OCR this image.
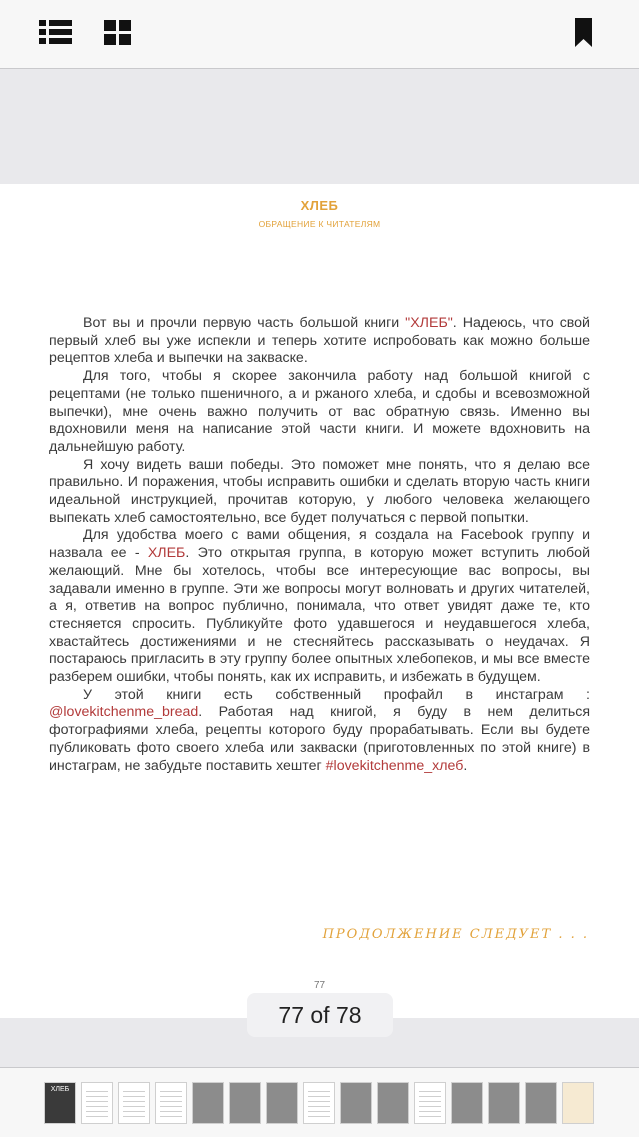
ХЛЕБ
ОБРАЩЕНИЕ К ЧИТАТЕЛЯМ

Вот вы и прочли первую часть большой книги "ХЛЕБ". Надеюсь, что свой первый хлеб вы уже испекли и теперь хотите испробовать как можно больше рецептов хлеба и выпечки на закваске.

Для того, чтобы я скорее закончила работу над большой книгой с рецептами (не только пшеничного, а и ржаного хлеба, и сдобы и всевозможной выпечки), мне очень важно получить от вас обратную связь. Именно вы вдохновили меня на написание этой части книги. И можете вдохновить на дальнейшую работу.

Я хочу видеть ваши победы. Это поможет мне понять, что я делаю все правильно. И поражения, чтобы исправить ошибки и сделать вторую часть книги идеальной инструкцией, прочитав которую, у любого человека желающего выпекать хлеб самостоятельно, все будет получаться с первой попытки.

Для удобства моего с вами общения, я создала на Facebook группу и назвала ее - ХЛЕБ. Это открытая группа, в которую может вступить любой желающий. Мне бы хотелось, чтобы все интересующие вас вопросы, вы задавали именно в группе. Эти же вопросы могут волновать и других читателей, а я, ответив на вопрос публично, понимала, что ответ увидят даже те, кто стесняется спросить. Публикуйте фото удавшегося и неудавшегося хлеба, хвастайтесь достижениями и не стесняйтесь рассказывать о неудачах. Я постараюсь пригласить в эту группу более опытных хлебопеков, и мы все вместе разберем ошибки, чтобы понять, как их исправить, и избежать в будущем.

У этой книги есть собственный профайл в инстаграм : @lovekitchenme_bread. Работая над книгой, я буду в нем делиться фотографиями хлеба, рецепты которого буду прорабатывать. Если вы будете публиковать фото своего хлеба или закваски (приготовленных по этой книге) в инстаграм, не забудьте поставить хештег #lovekitchenme_хлеб.

ПРОДОЛЖЕНИЕ СЛЕДУЕТ . . .
77
77 of 78
ХЛЕБ
